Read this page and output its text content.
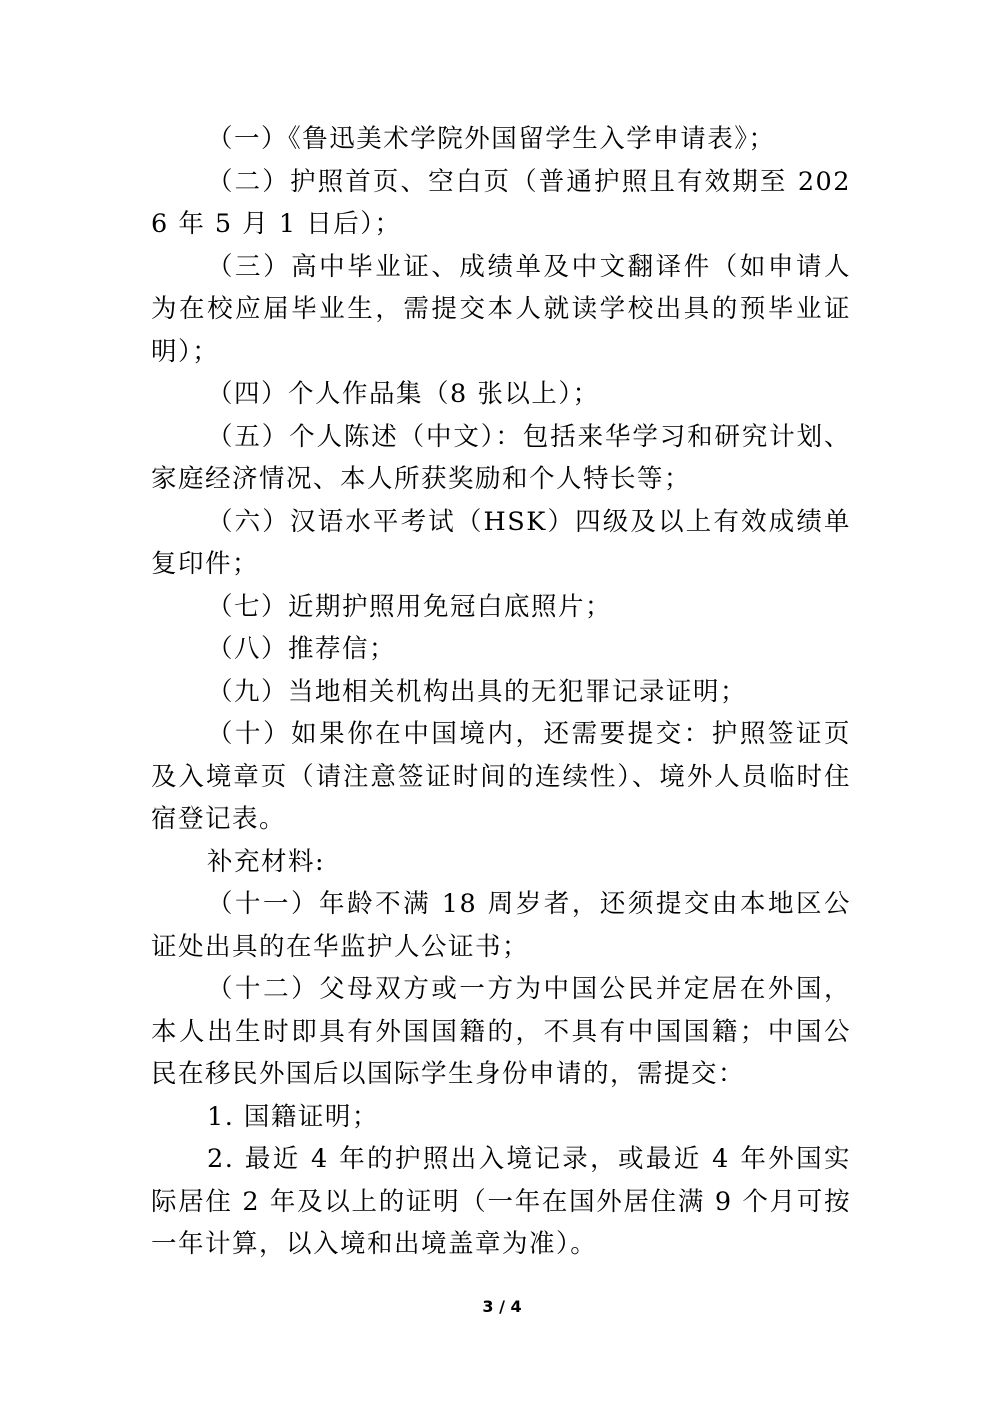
（一）《鲁迅美术学院外国留学生入学申请表》；

（二）护照首页、空白页（普通护照且有效期至 2026 年 5 月 1 日后）；

（三）高中毕业证、成绩单及中文翻译件（如申请人为在校应届毕业生，需提交本人就读学校出具的预毕业证明）；

（四）个人作品集（8 张以上）；

（五）个人陈述（中文）：包括来华学习和研究计划、家庭经济情况、本人所获奖励和个人特长等；

（六）汉语水平考试（HSK）四级及以上有效成绩单复印件；

（七）近期护照用免冠白底照片；

（八）推荐信；

（九）当地相关机构出具的无犯罪记录证明；

（十）如果你在中国境内，还需要提交：护照签证页及入境章页（请注意签证时间的连续性）、境外人员临时住宿登记表。

补充材料:

（十一）年龄不满 18 周岁者，还须提交由本地区公证处出具的在华监护人公证书；

（十二）父母双方或一方为中国公民并定居在外国，本人出生时即具有外国国籍的，不具有中国国籍；中国公民在移民外国后以国际学生身份申请的，需提交：

1. 国籍证明；

2. 最近 4 年的护照出入境记录，或最近 4 年外国实际居住 2 年及以上的证明（一年在国外居住满 9 个月可按一年计算，以入境和出境盖章为准）。

3 / 4
